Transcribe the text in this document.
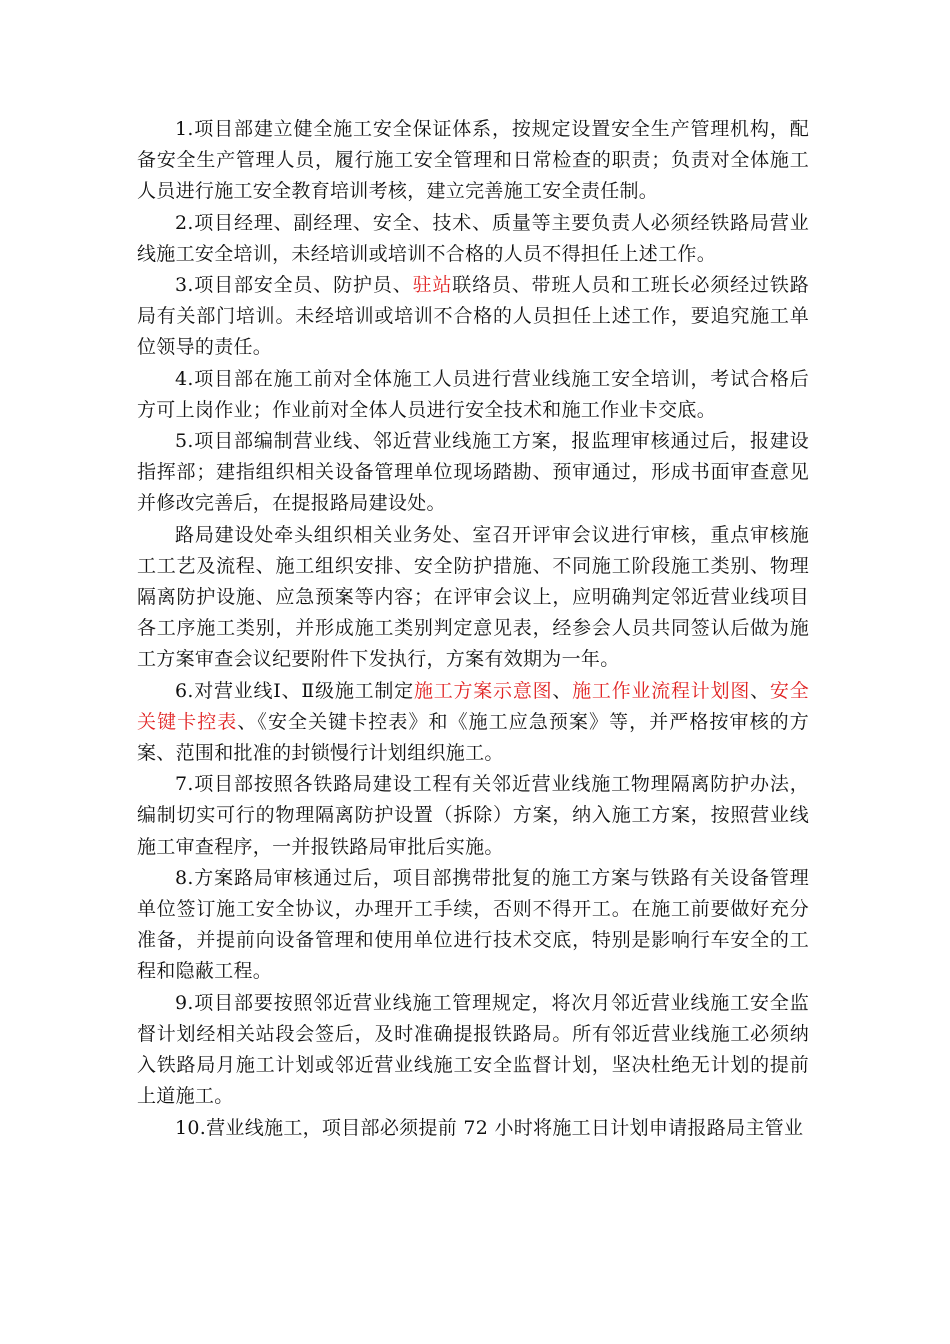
1.项目部建立健全施工安全保证体系，按规定设置安全生产管理机构，配备安全生产管理人员，履行施工安全管理和日常检查的职责；负责对全体施工人员进行施工安全教育培训考核，建立完善施工安全责任制。

2.项目经理、副经理、安全、技术、质量等主要负责人必须经铁路局营业线施工安全培训，未经培训或培训不合格的人员不得担任上述工作。

3.项目部安全员、防护员、驻站联络员、带班人员和工班长必须经过铁路局有关部门培训。未经培训或培训不合格的人员担任上述工作，要追究施工单位领导的责任。

4.项目部在施工前对全体施工人员进行营业线施工安全培训，考试合格后方可上岗作业；作业前对全体人员进行安全技术和施工作业卡交底。

5.项目部编制营业线、邻近营业线施工方案，报监理审核通过后，报建设指挥部；建指组织相关设备管理单位现场踏勘、预审通过，形成书面审查意见并修改完善后，在提报路局建设处。

路局建设处牵头组织相关业务处、室召开评审会议进行审核，重点审核施工工艺及流程、施工组织安排、安全防护措施、不同施工阶段施工类别、物理隔离防护设施、应急预案等内容；在评审会议上，应明确判定邻近营业线项目各工序施工类别，并形成施工类别判定意见表，经参会人员共同签认后做为施工方案审查会议纪要附件下发执行，方案有效期为一年。

6.对营业线Ⅰ、Ⅱ级施工制定施工方案示意图、施工作业流程计划图、安全关键卡控表、《安全关键卡控表》和《施工应急预案》等，并严格按审核的方案、范围和批准的封锁慢行计划组织施工。

7.项目部按照各铁路局建设工程有关邻近营业线施工物理隔离防护办法，编制切实可行的物理隔离防护设置（拆除）方案，纳入施工方案，按照营业线施工审查程序，一并报铁路局审批后实施。

8.方案路局审核通过后，项目部携带批复的施工方案与铁路有关设备管理单位签订施工安全协议，办理开工手续，否则不得开工。在施工前要做好充分准备，并提前向设备管理和使用单位进行技术交底，特别是影响行车安全的工程和隐蔽工程。

9.项目部要按照邻近营业线施工管理规定，将次月邻近营业线施工安全监督计划经相关站段会签后，及时准确提报铁路局。所有邻近营业线施工必须纳入铁路局月施工计划或邻近营业线施工安全监督计划，坚决杜绝无计划的提前上道施工。

10.营业线施工，项目部必须提前 72 小时将施工日计划申请报路局主管业
